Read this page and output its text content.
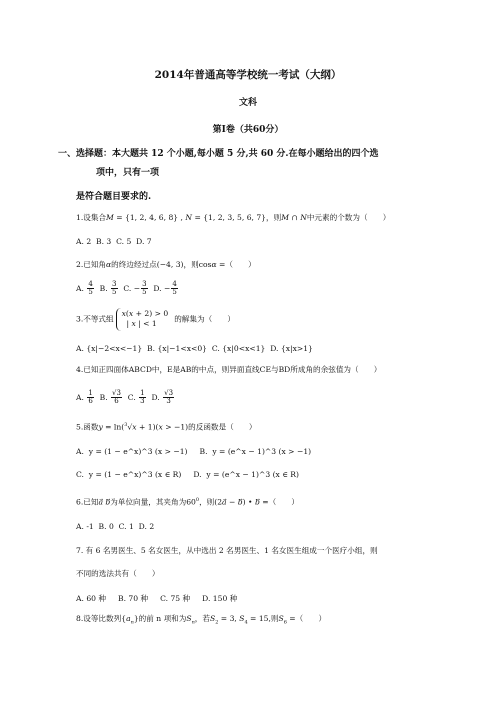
2014年普通高等学校统一考试（大纲）
文科
第Ⅰ卷（共60分）
一、选择题：本大题共 12 个小题,每小题 5 分,共 60 分.在每小题给出的四个选
项中，只有一项
是符合题目要求的.
1.设集合M = {1, 2, 4, 6, 8} , N = {1, 2, 3, 5, 6, 7}，则M ∩ N中元素的个数为（　　）
A. 2  B. 3  C. 5  D. 7
2.已知角α的终边经过点(−4, 3)，则cosα =（　　）
A. $\frac{4}{5} B$. $\frac{3}{5} C$. − $\frac{3}{5} D$. − $\frac{4}{5}$
3.不等式组
x(x + 2) > 0
| x | < 1
的解集为（　　）
A. {x|−2<x<−1}  B. {x|−1<x<0}  C. {x|0<x<1}  D. {x|x>1}
4.已知正四面体ABCD中，E是AB的中点，则异面直线CE与BD所成角的余弦值为（　　）
A. $\frac{1}{6} B$. $\frac{√3}{6} C$. $\frac{1}{3} D$. $\frac{√3}{3}$
5.函数y = ln($^3$√x + 1)(x > −1)的反函数是（　　）
A.  y = (1 − e^x)^3 (x > −1) B.  y = (e^x − 1)^3 (x > −1)
C.  y = (1 − e^x)^3 (x ∈ R) D.  y = (e^x − 1)^3 (x ∈ R)
6.已知a⃗ b为单位向量，其夹角为$60^0$，则(2a⃗ − b⃗) • b⃗ =（　　）
A. -1  B. 0  C. 1  D. 2
7. 有 6 名男医生、5 名女医生，从中选出 2 名男医生、1 名女医生组成一个医疗小组，则
不同的选法共有（　　）
A. 60 种 B. 70 种 C. 75 种 D. 150 种
8.设等比数列$\{a_n\}$的前 n 项和为$S_n$，若$S_2 = 3$, $S_4 = 15$,则$S_6$ =（　　）
